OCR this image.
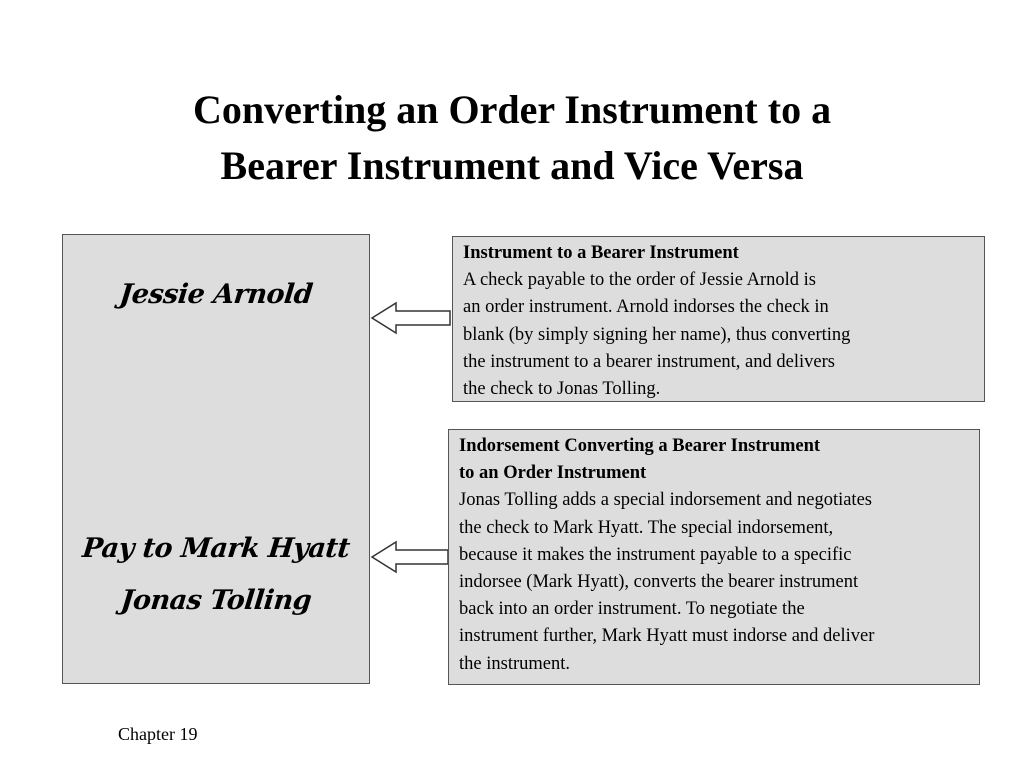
Converting an Order Instrument to a
Bearer Instrument and Vice Versa
Jessie Arnold
Pay to Mark Hyatt
Jonas Tolling
Instrument to a Bearer Instrument
A check payable to the order of Jessie Arnold is
an order instrument. Arnold indorses the check in
blank (by simply signing her name), thus converting
the instrument to a bearer instrument, and delivers
the check to Jonas Tolling.
Indorsement Converting a Bearer Instrument
to an Order Instrument
Jonas Tolling adds a special indorsement and negotiates
the check to Mark Hyatt. The special indorsement,
because it makes the instrument payable to a specific
indorsee (Mark Hyatt), converts the bearer instrument
back into an order instrument. To negotiate the
instrument further, Mark Hyatt must indorse and deliver
the instrument.
Chapter 19
